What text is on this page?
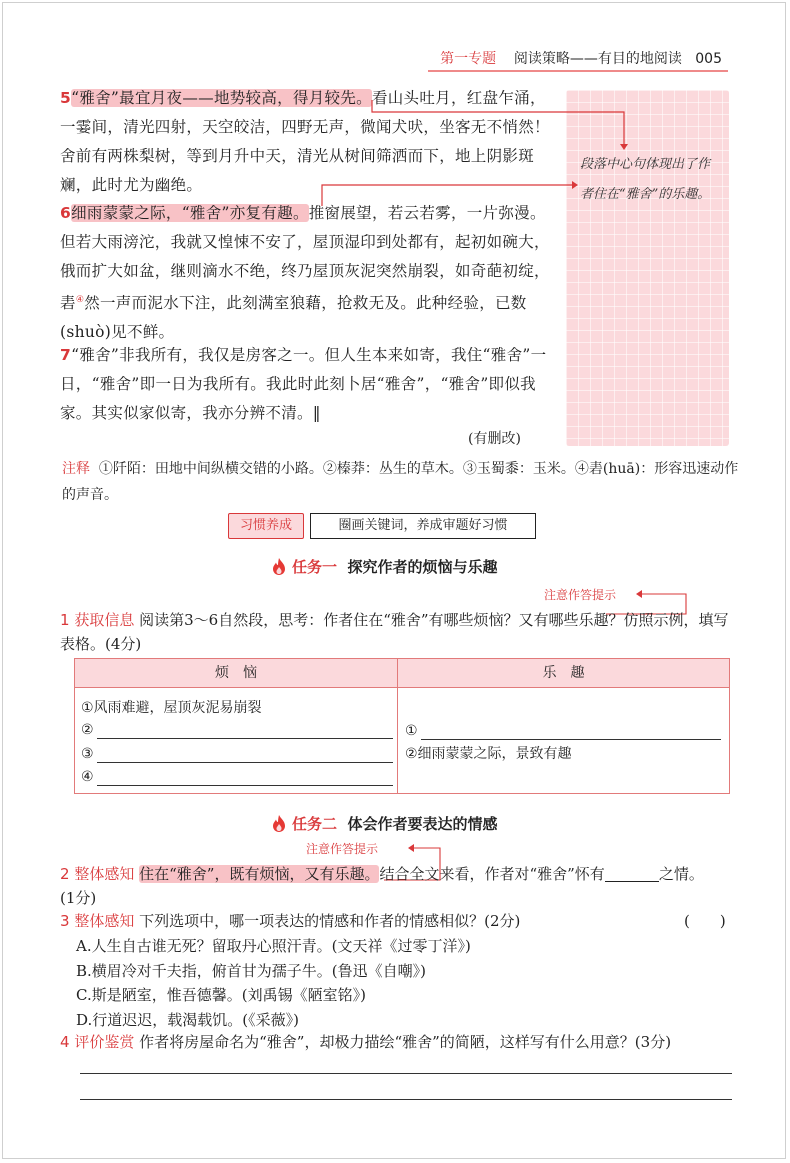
第一专题 阅读策略——有目的地阅读 005

5“雅舍”最宜月夜——地势较高，得月较先。看山头吐月，红盘乍涌，一霎间，清光四射，天空皎洁，四野无声，微闻犬吠，坐客无不悄然！舍前有两株梨树，等到月升中天，清光从树间筛洒而下，地上阴影斑斓，此时尤为幽绝。

6细雨蒙蒙之际，“雅舍”亦复有趣。推窗展望，若云若雾，一片弥漫。但若大雨滂沱，我就又惶悚不安了，屋顶湿印到处都有，起初如碗大，俄而扩大如盆，继则滴水不绝，终乃屋顶灰泥突然崩裂，如奇葩初绽，砉④然一声而泥水下注，此刻满室狼藉，抢救无及。此种经验，已数(shuò)见不鲜。

7“雅舍”非我所有，我仅是房客之一。但人生本来如寄，我住“雅舍”一日，“雅舍”即一日为我所有。我此时此刻卜居“雅舍”，“雅舍”即似我家。其实似家似寄，我亦分辨不清。‖

(有删改)
段落中心句体现出了作者住在“雅舍”的乐趣。
注释 ①阡陌：田地中间纵横交错的小路。②榛莽：丛生的草木。③玉蜀黍：玉米。④砉(huā)：形容迅速动作的声音。
习惯养成	圈画关键词，养成审题好习惯
任务一 探究作者的烦恼与乐趣
注意作答提示
1 获取信息 阅读第3～6自然段，思考：作者住在“雅舍”有哪些烦恼？又有哪些乐趣？仿照示例，填写表格。(4分)
烦　恼	乐　趣
①风雨难避，屋顶灰泥易崩裂
②
③
④
①
②细雨蒙蒙之际，景致有趣
任务二 体会作者要表达的情感
注意作答提示
2 整体感知 住在“雅舍”，既有烦恼，又有乐趣。结合全文来看，作者对“雅舍”怀有	之情。
(1分)
3 整体感知 下列选项中，哪一项表达的情感和作者的情感相似？(2分)	(　　)
A.人生自古谁无死？留取丹心照汗青。(文天祥《过零丁洋》)
B.横眉冷对千夫指，俯首甘为孺子牛。(鲁迅《自嘲》)
C.斯是陋室，惟吾德馨。(刘禹锡《陋室铭》)
D.行道迟迟，载渴载饥。(《采薇》)
4 评价鉴赏 作者将房屋命名为“雅舍”，却极力描绘“雅舍”的简陋，这样写有什么用意？(3分)
